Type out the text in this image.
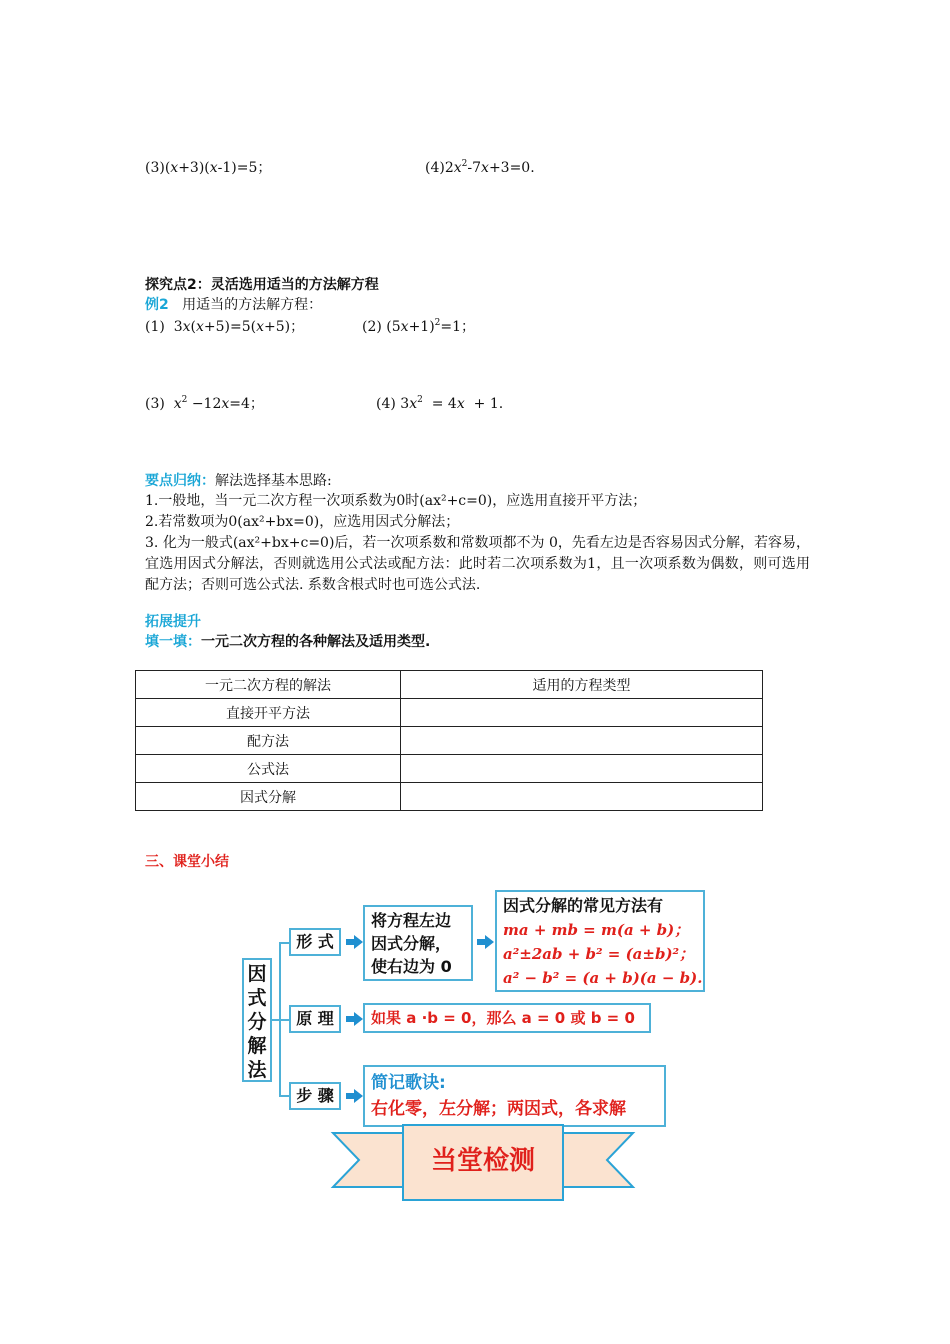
(3)(x+3)(x-1)=5；	$(4)2x^2-7x+3=0$.
探究点2：灵活选用适当的方法解方程
例2 用适当的方法解方程：
(1)  3x(x+5)=5(x+5)；	(2) $(5x+1)^2=1$；
(3)  $x^2 -12x=4$；	(4) $3x^2 = 4x + 1$.
要点归纳：解法选择基本思路:
1.一般地，当一元二次方程一次项系数为0时(ax²+c=0)，应选用直接开平方法；
2.若常数项为0(ax²+bx=0)，应选用因式分解法；
3. 化为一般式(ax²+bx+c=0)后，若一次项系数和常数项都不为 0，先看左边是否容易因式分解，若容易，宜选用因式分解法，否则就选用公式法或配方法：此时若二次项系数为1，且一次项系数为偶数，则可选用配方法；否则可选公式法. 系数含根式时也可选公式法.
拓展提升
填一填：一元二次方程的各种解法及适用类型.
一元二次方程的解法	适用的方程类型
直接开平方法	
配方法	
公式法	
因式分解	
三、课堂小结
因式分解法
形 式
将方程左边
因式分解，
使右边为 0
因式分解的常见方法有
ma + mb = m(a + b)；
a²±2ab + b² = (a±b)²；
a² − b² = (a + b)(a − b).
原 理	如果 a ·b = 0，那么 a = 0 或 b = 0
步 骤
简记歌诀:
右化零，左分解；两因式，各求解
当堂检测
